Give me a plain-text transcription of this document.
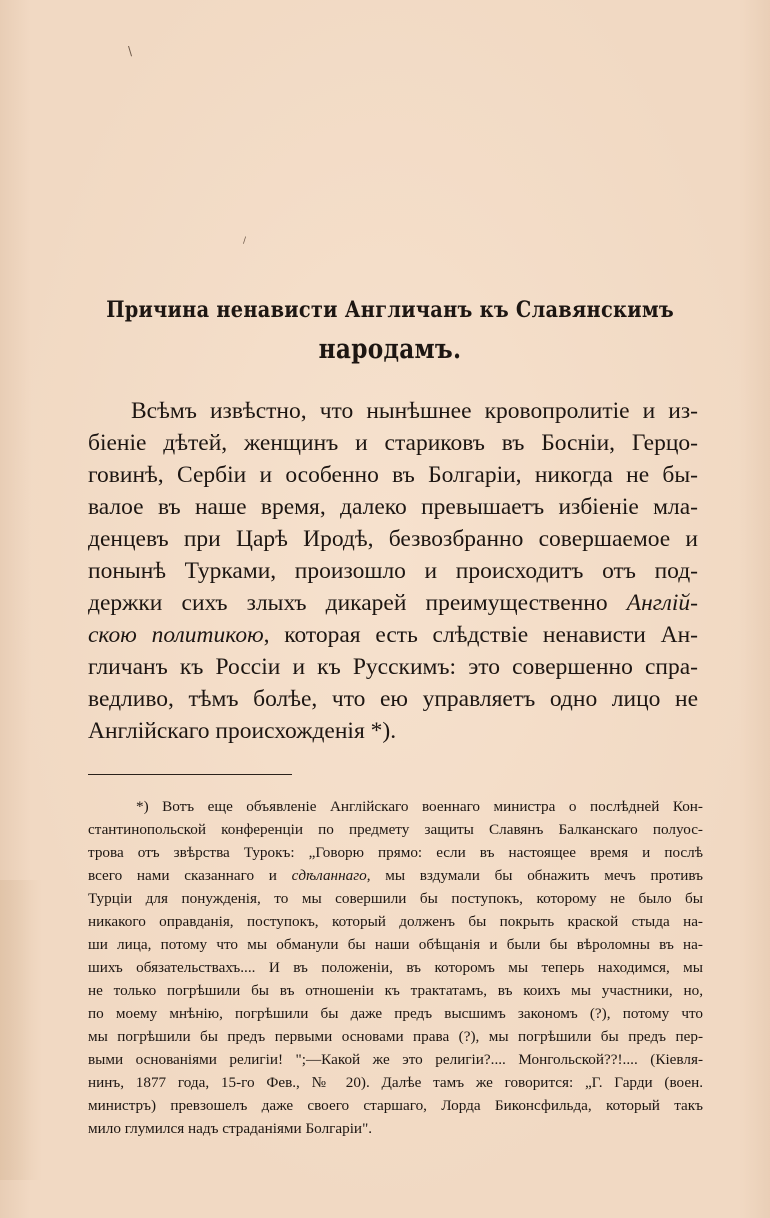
\
/
Причина ненависти Англичанъ къ Славянскимъ
народамъ.
Всѣмъ извѣстно, что нынѣшнее кровопролитіе и из-
біеніе дѣтей, женщинъ и стариковъ въ Босніи, Герцо-
говинѣ, Сербіи и особенно въ Болгаріи, никогда не бы-
валое въ наше время, далеко превышаетъ избіеніе мла-
денцевъ при Царѣ Иродѣ, безвозбранно совершаемое и
понынѣ Турками, произошло и происходитъ отъ под-
держки сихъ злыхъ дикарей преимущественно Англій-
скою политикою, которая есть слѣдствіе ненависти Ан-
гличанъ къ Россіи и къ Русскимъ: это совершенно спра-
ведливо, тѣмъ болѣе, что ею управляетъ одно лицо не
Англійскаго происхожденія *).
*) Вотъ еще объявленіе Англійскаго военнаго министра о послѣдней Кон-
стантинопольской конференціи по предмету защиты Славянъ Балканскаго полуос-
трова отъ звѣрства Турокъ: „Говорю прямо: если въ настоящее время и послѣ
всего нами сказаннаго и сдѣланнаго, мы вздумали бы обнажить мечъ противъ
Турціи для понужденія, то мы совершили бы поступокъ, которому не было бы
никакого оправданія, поступокъ, который долженъ бы покрыть краской стыда на-
ши лица, потому что мы обманули бы наши обѣщанія и были бы вѣроломны въ на-
шихъ обязательствахъ.... И въ положеніи, въ которомъ мы теперь находимся, мы
не только погрѣшили бы въ отношеніи къ трактатамъ, въ коихъ мы участники, но,
по моему мнѣнію, погрѣшили бы даже предъ высшимъ закономъ (?), потому что
мы погрѣшили бы предъ первыми основами права (?), мы погрѣшили бы предъ пер-
выми основаніями религіи! ";—Какой же это религіи?.... Монгольской??!.... (Кіевля-
нинъ, 1877 года, 15-го Фев., № 20). Далѣе тамъ же говорится: „Г. Гарди (воен.
министръ) превзошелъ даже своего старшаго, Лорда Биконсфильда, который такъ
мило глумился надъ страданіями Болгаріи".
